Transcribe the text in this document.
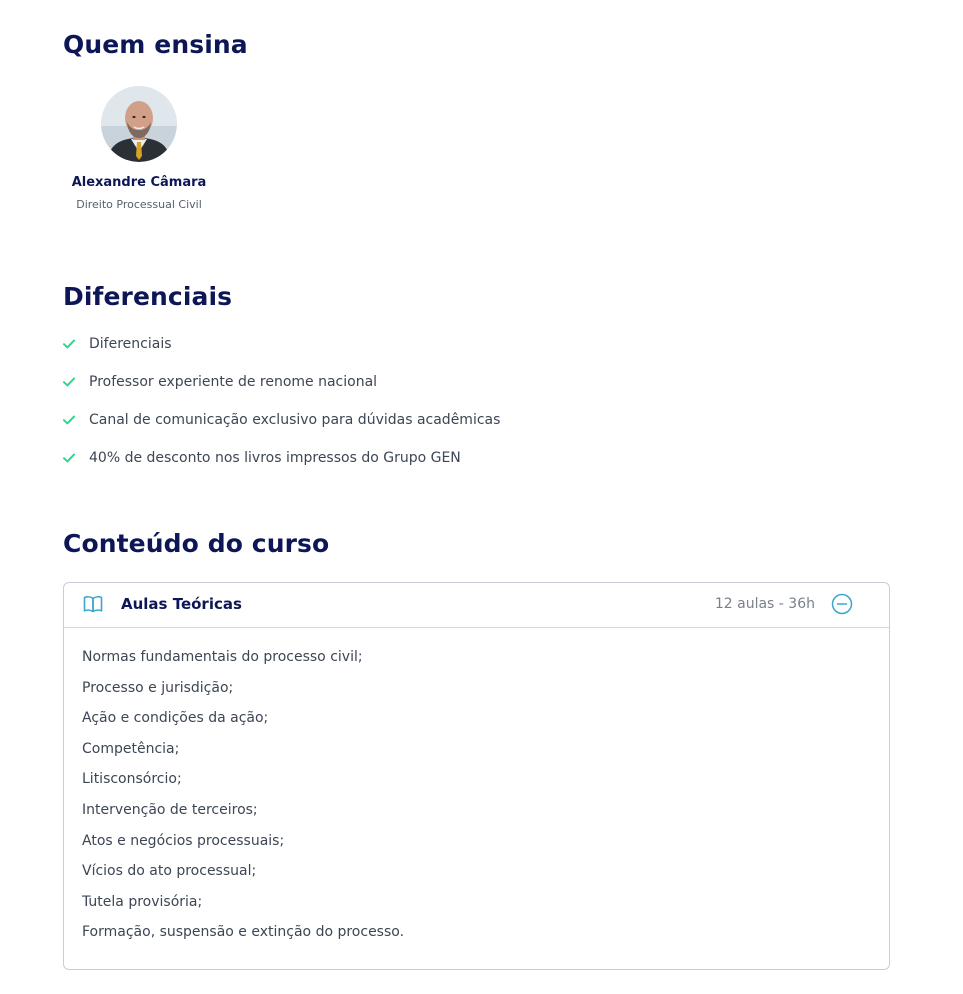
Quem ensina
Alexandre Câmara
Direito Processual Civil
Diferenciais
Diferenciais
Professor experiente de renome nacional
Canal de comunicação exclusivo para dúvidas acadêmicas
40% de desconto nos livros impressos do Grupo GEN
Conteúdo do curso
Aulas Teóricas	12 aulas - 36h
Normas fundamentais do processo civil;
Processo e jurisdição;
Ação e condições da ação;
Competência;
Litisconsórcio;
Intervenção de terceiros;
Atos e negócios processuais;
Vícios do ato processual;
Tutela provisória;
Formação, suspensão e extinção do processo.
